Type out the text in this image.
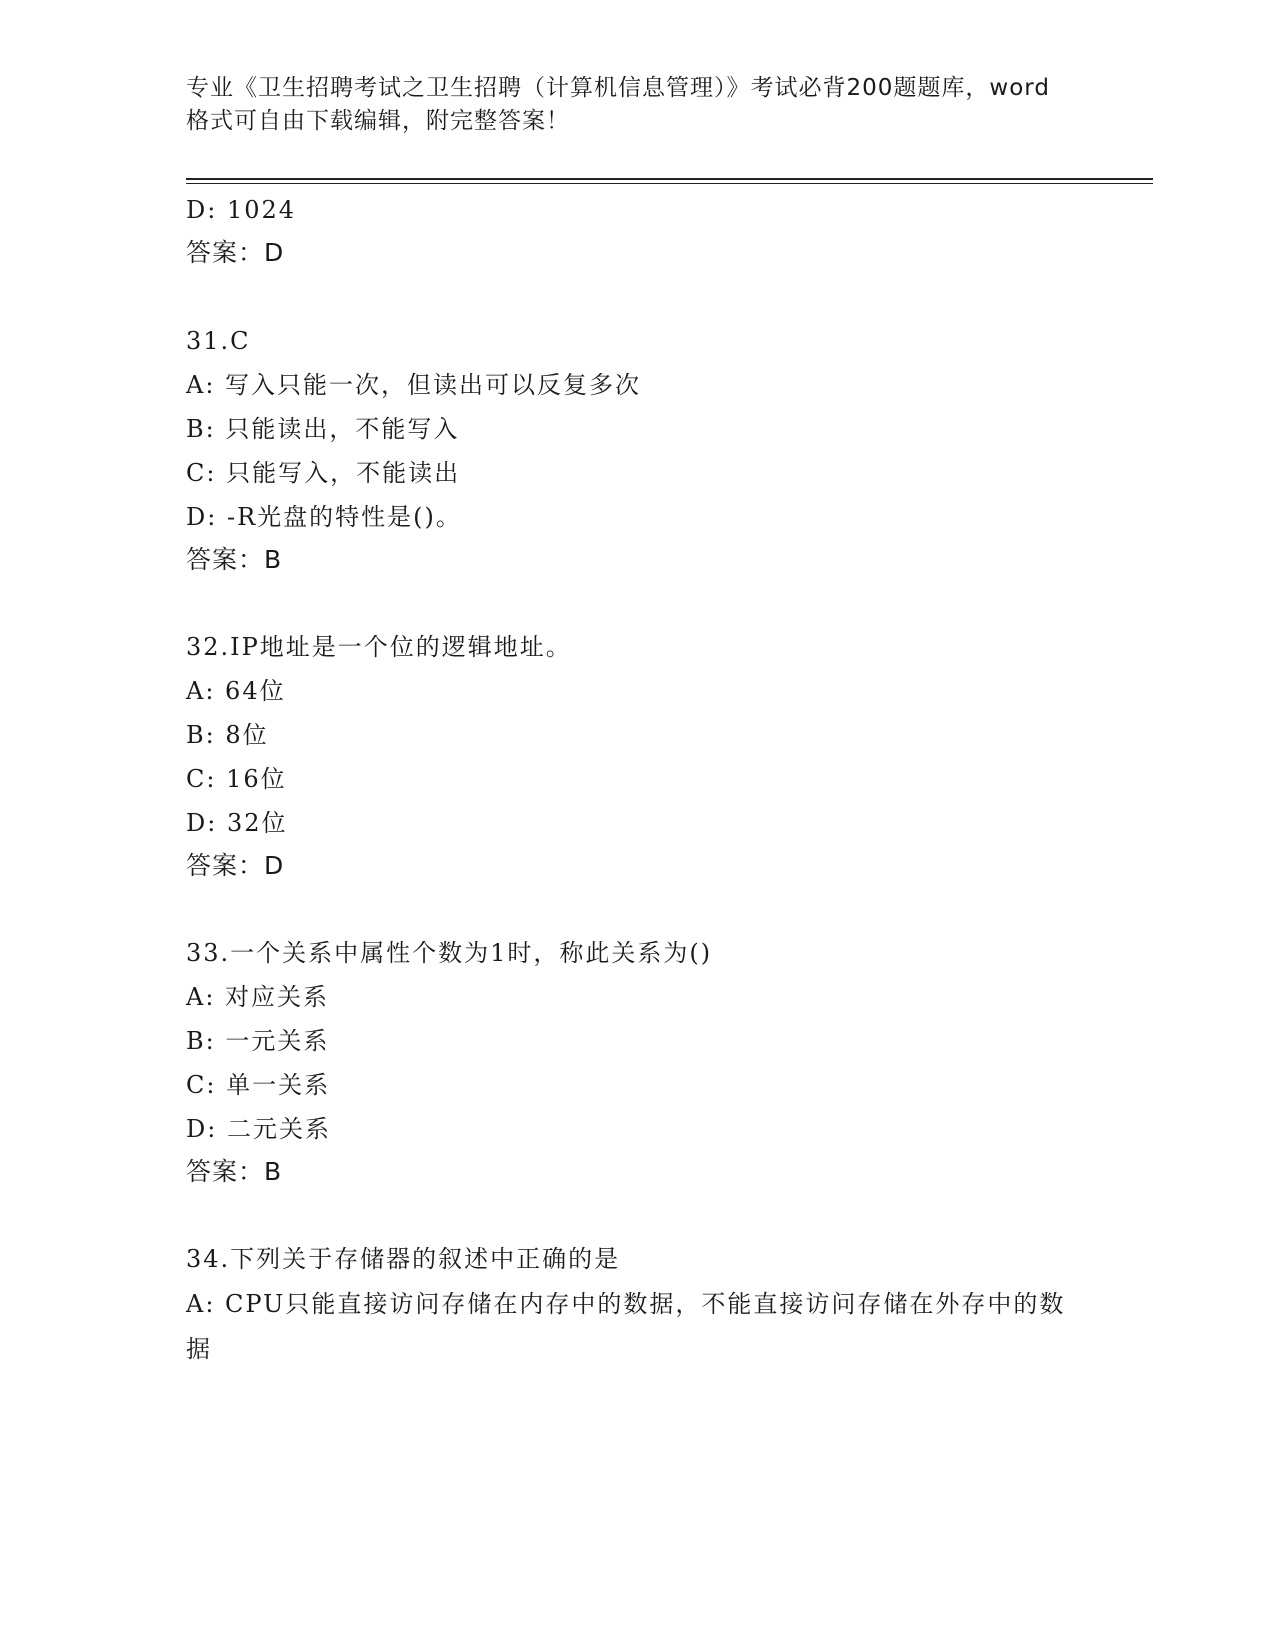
专业《卫生招聘考试之卫生招聘（计算机信息管理）》考试必背200题题库，word
格式可自由下载编辑，附完整答案！
D: 1024
答案：D
31.C
A: 写入只能一次，但读出可以反复多次
B: 只能读出，不能写入
C: 只能写入，不能读出
D: -R光盘的特性是()。
答案：B
32.IP地址是一个位的逻辑地址。
A: 64位
B: 8位
C: 16位
D: 32位
答案：D
33.一个关系中属性个数为1时，称此关系为()
A: 对应关系
B: 一元关系
C: 单一关系
D: 二元关系
答案：B
34.下列关于存储器的叙述中正确的是
A: CPU只能直接访问存储在内存中的数据，不能直接访问存储在外存中的数据
